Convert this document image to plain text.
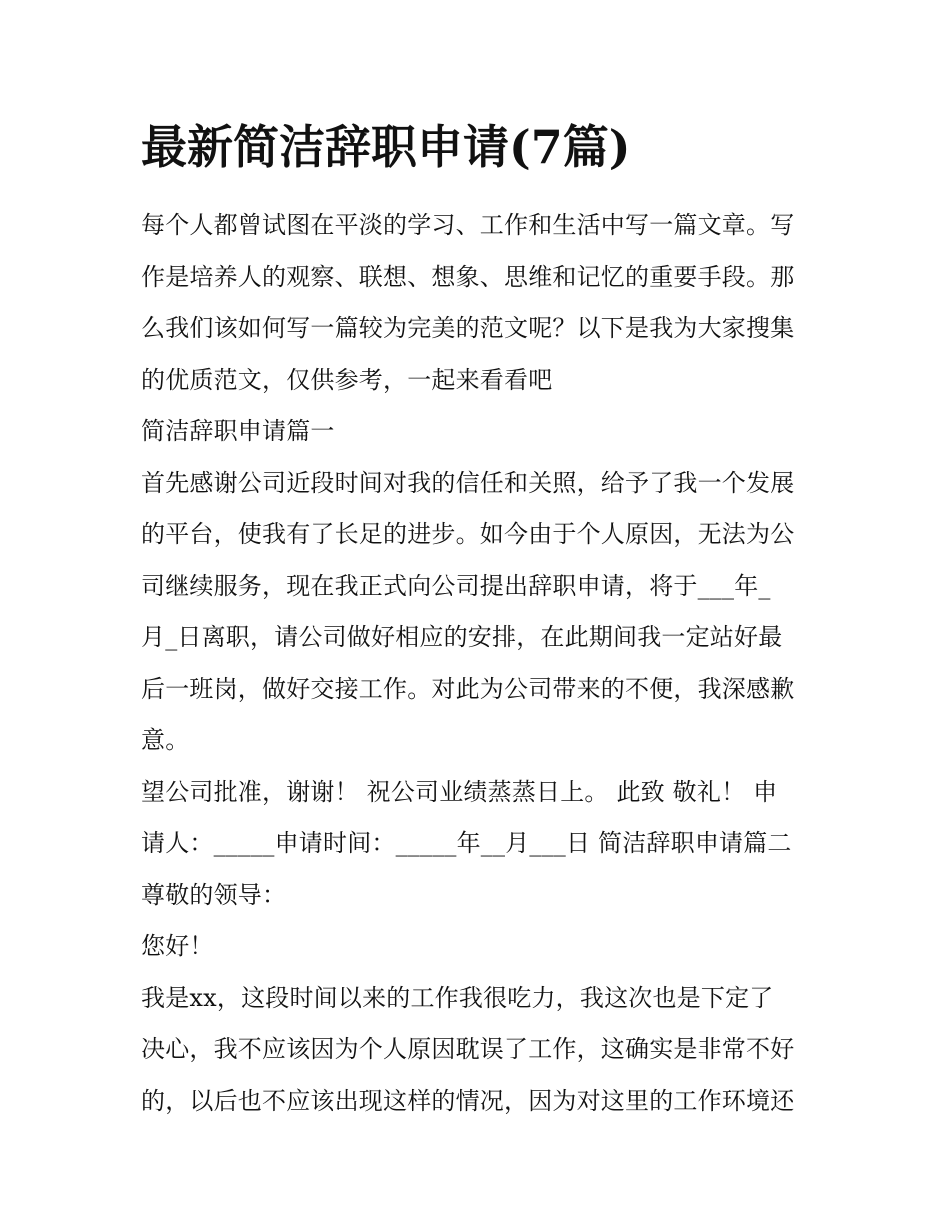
最新简洁辞职申请(7篇)
每个人都曾试图在平淡的学习、工作和生活中写一篇文章。写
作是培养人的观察、联想、想象、思维和记忆的重要手段。那
么我们该如何写一篇较为完美的范文呢？以下是我为大家搜集
的优质范文，仅供参考，一起来看看吧
简洁辞职申请篇一
首先感谢公司近段时间对我的信任和关照，给予了我一个发展
的平台，使我有了长足的进步。如今由于个人原因，无法为公
司继续服务，现在我正式向公司提出辞职申请，将于___年_
月_日离职，请公司做好相应的安排，在此期间我一定站好最
后一班岗，做好交接工作。对此为公司带来的不便，我深感歉
意。
望公司批准，谢谢！ 祝公司业绩蒸蒸日上。 此致 敬礼！ 申
请人：_____申请时间：_____年__月___日 简洁辞职申请篇二
尊敬的领导：
您好！
我是xx，这段时间以来的工作我很吃力，我这次也是下定了
决心，我不应该因为个人原因耽误了工作，这确实是非常不好
的，以后也不应该出现这样的情况，因为对这里的工作环境还
